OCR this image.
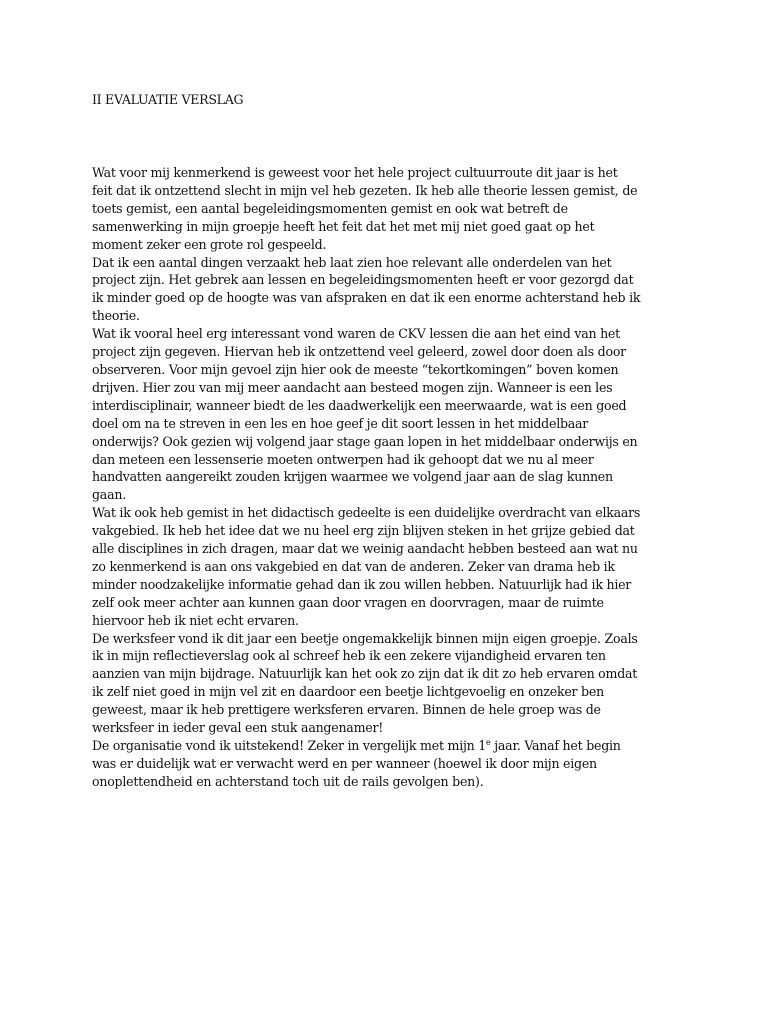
II EVALUATIE VERSLAG
Wat voor mij kenmerkend is geweest voor het hele project cultuurroute dit jaar is het
feit dat ik ontzettend slecht in mijn vel heb gezeten. Ik heb alle theorie lessen gemist, de
toets gemist, een aantal begeleidingsmomenten gemist en ook wat betreft de
samenwerking in mijn groepje heeft het feit dat het met mij niet goed gaat op het
moment zeker een grote rol gespeeld.
Dat ik een aantal dingen verzaakt heb laat zien hoe relevant alle onderdelen van het
project zijn. Het gebrek aan lessen en begeleidingsmomenten heeft er voor gezorgd dat
ik minder goed op de hoogte was van afspraken en dat ik een enorme achterstand heb ik
theorie.
Wat ik vooral heel erg interessant vond waren de CKV lessen die aan het eind van het
project zijn gegeven. Hiervan heb ik ontzettend veel geleerd, zowel door doen als door
observeren. Voor mijn gevoel zijn hier ook de meeste “tekortkomingen” boven komen
drijven. Hier zou van mij meer aandacht aan besteed mogen zijn. Wanneer is een les
interdisciplinair, wanneer biedt de les daadwerkelijk een meerwaarde, wat is een goed
doel om na te streven in een les en hoe geef je dit soort lessen in het middelbaar
onderwijs? Ook gezien wij volgend jaar stage gaan lopen in het middelbaar onderwijs en
dan meteen een lessenserie moeten ontwerpen had ik gehoopt dat we nu al meer
handvatten aangereikt zouden krijgen waarmee we volgend jaar aan de slag kunnen
gaan.
Wat ik ook heb gemist in het didactisch gedeelte is een duidelijke overdracht van elkaars
vakgebied. Ik heb het idee dat we nu heel erg zijn blijven steken in het grijze gebied dat
alle disciplines in zich dragen, maar dat we weinig aandacht hebben besteed aan wat nu
zo kenmerkend is aan ons vakgebied en dat van de anderen. Zeker van drama heb ik
minder noodzakelijke informatie gehad dan ik zou willen hebben. Natuurlijk had ik hier
zelf ook meer achter aan kunnen gaan door vragen en doorvragen, maar de ruimte
hiervoor heb ik niet echt ervaren.
De werksfeer vond ik dit jaar een beetje ongemakkelijk binnen mijn eigen groepje. Zoals
ik in mijn reflectieverslag ook al schreef heb ik een zekere vijandigheid ervaren ten
aanzien van mijn bijdrage. Natuurlijk kan het ook zo zijn dat ik dit zo heb ervaren omdat
ik zelf niet goed in mijn vel zit en daardoor een beetje lichtgevoelig en onzeker ben
geweest, maar ik heb prettigere werksferen ervaren. Binnen de hele groep was de
werksfeer in ieder geval een stuk aangenamer!
De organisatie vond ik uitstekend! Zeker in vergelijk met mijn 1e jaar. Vanaf het begin
was er duidelijk wat er verwacht werd en per wanneer (hoewel ik door mijn eigen
onoplettendheid en achterstand toch uit de rails gevolgen ben).
